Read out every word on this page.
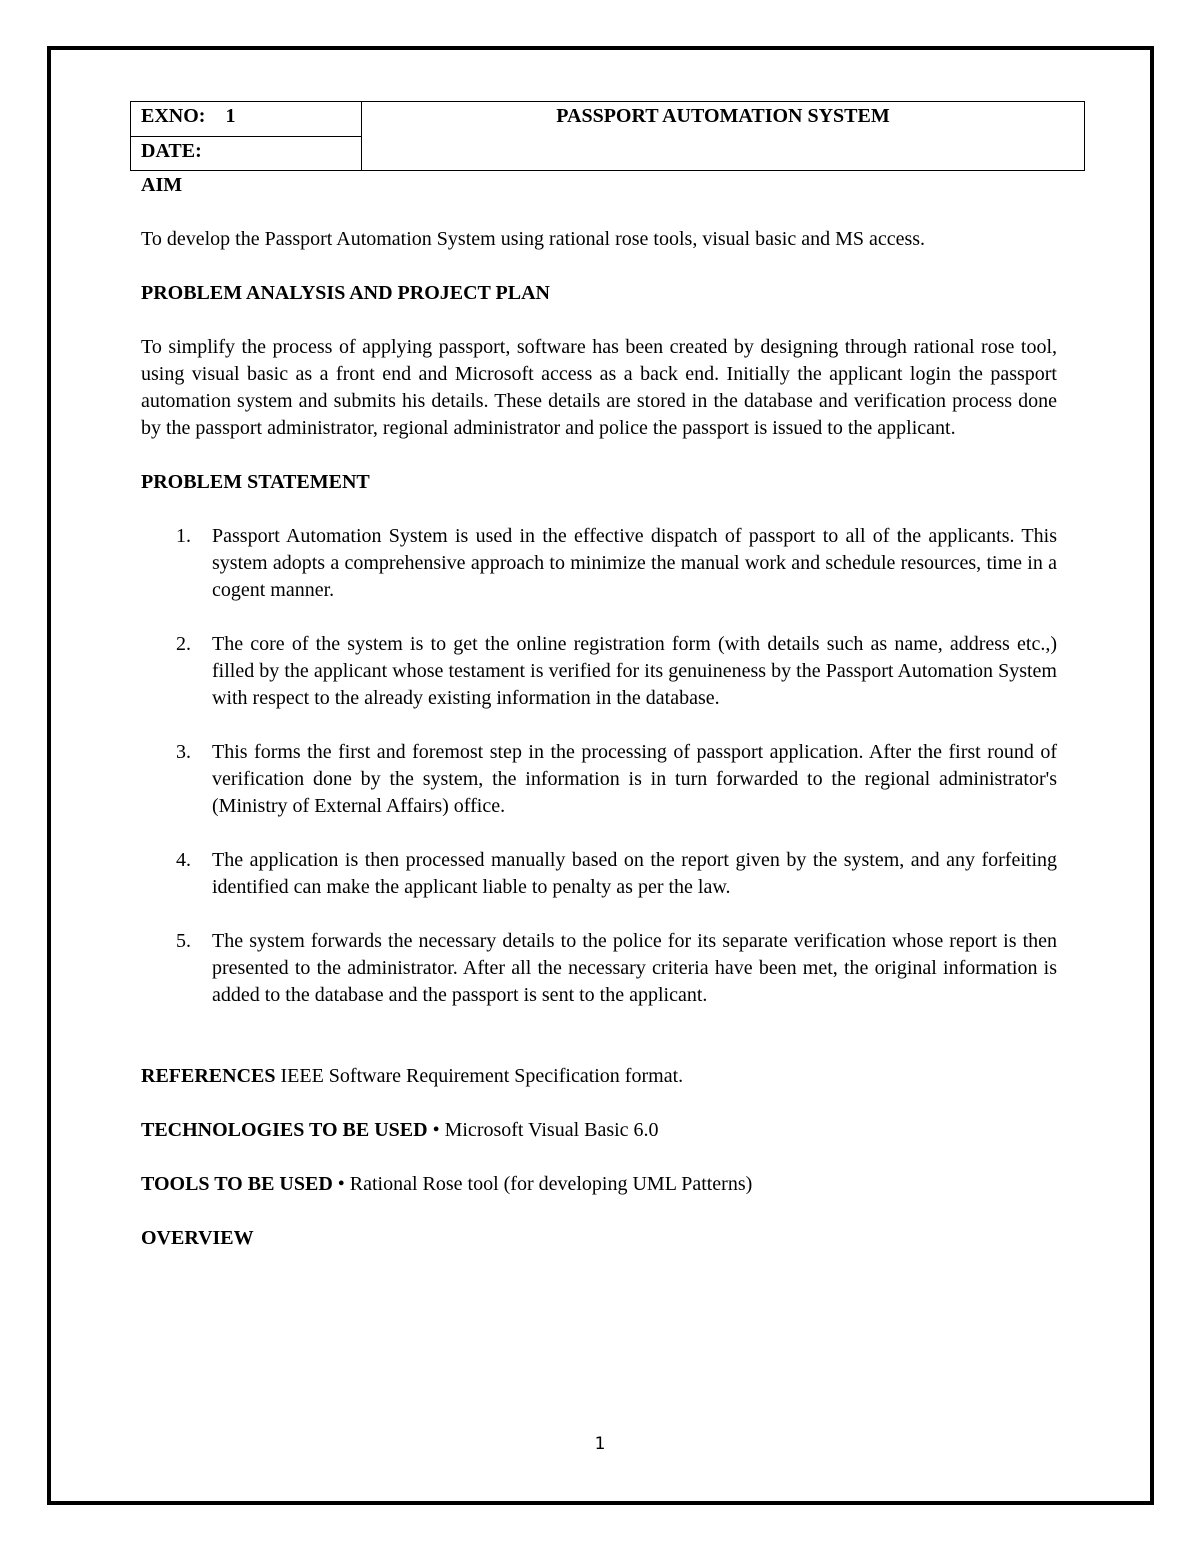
EXNO: 1	PASSPORT AUTOMATION SYSTEM
DATE:

AIM

To develop the Passport Automation System using rational rose tools, visual basic and MS access.

PROBLEM ANALYSIS AND PROJECT PLAN

To simplify the process of applying passport, software has been created by designing through rational rose tool, using visual basic as a front end and Microsoft access as a back end. Initially the applicant login the passport automation system and submits his details. These details are stored in the database and verification process done by the passport administrator, regional administrator and police the passport is issued to the applicant.

PROBLEM STATEMENT

1. Passport Automation System is used in the effective dispatch of passport to all of the applicants. This system adopts a comprehensive approach to minimize the manual work and schedule resources, time in a cogent manner.
2. The core of the system is to get the online registration form (with details such as name, address etc.,) filled by the applicant whose testament is verified for its genuineness by the Passport Automation System with respect to the already existing information in the database.
3. This forms the first and foremost step in the processing of passport application. After the first round of verification done by the system, the information is in turn forwarded to the regional administrator's (Ministry of External Affairs) office.
4. The application is then processed manually based on the report given by the system, and any forfeiting identified can make the applicant liable to penalty as per the law.
5. The system forwards the necessary details to the police for its separate verification whose report is then presented to the administrator. After all the necessary criteria have been met, the original information is added to the database and the passport is sent to the applicant.

REFERENCES IEEE Software Requirement Specification format.

TECHNOLOGIES TO BE USED • Microsoft Visual Basic 6.0

TOOLS TO BE USED • Rational Rose tool (for developing UML Patterns)

OVERVIEW

1
